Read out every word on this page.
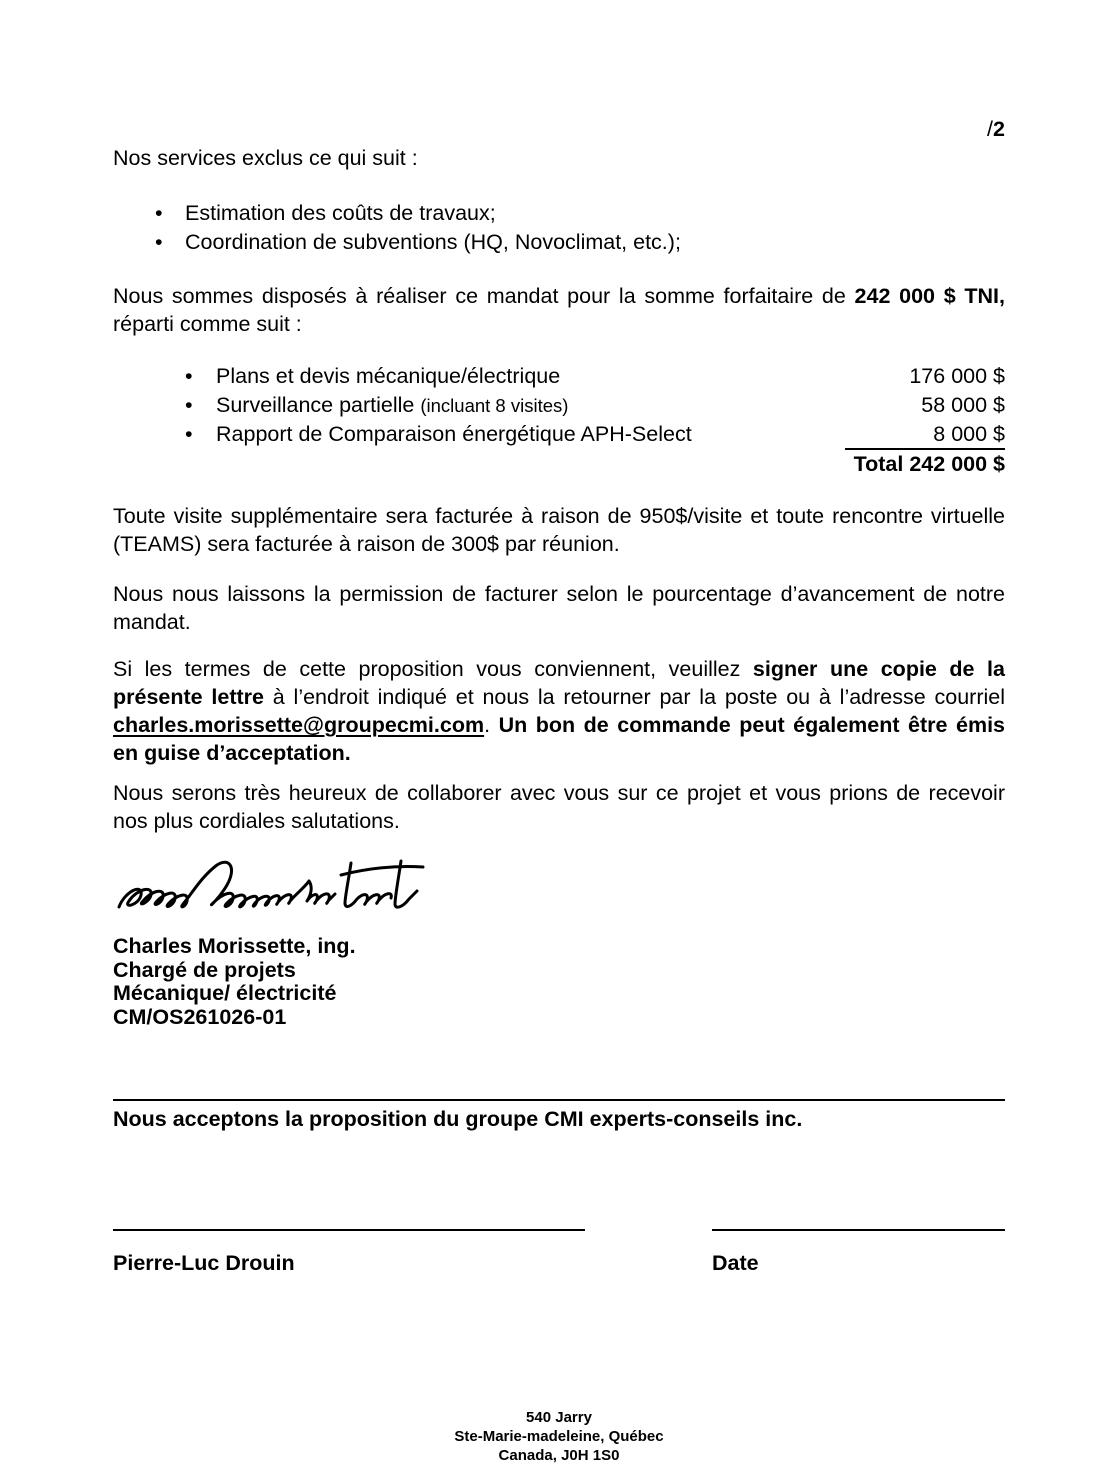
/2

Nos services exclus ce qui suit :

•	Estimation des coûts de travaux;
•	Coordination de subventions (HQ, Novoclimat, etc.);

Nous sommes disposés à réaliser ce mandat pour la somme forfaitaire de 242 000 $ TNI, réparti comme suit :

•	Plans et devis mécanique/électrique	176 000 $
•	Surveillance partielle (incluant 8 visites)	58 000 $
•	Rapport de Comparaison énergétique APH-Select	8 000 $
Total 242 000 $

Toute visite supplémentaire sera facturée à raison de 950$/visite et toute rencontre virtuelle (TEAMS) sera facturée à raison de 300$ par réunion.

Nous nous laissons la permission de facturer selon le pourcentage d’avancement de notre mandat.

Si les termes de cette proposition vous conviennent, veuillez signer une copie de la présente lettre à l’endroit indiqué et nous la retourner par la poste ou à l’adresse courriel charles.morissette@groupecmi.com. Un bon de commande peut également être émis en guise d’acceptation.

Nous serons très heureux de collaborer avec vous sur ce projet et vous prions de recevoir nos plus cordiales salutations.

Charles Morissette, ing.
Chargé de projets
Mécanique/ électricité
CM/OS261026-01

Nous acceptons la proposition du groupe CMI experts-conseils inc.

Pierre-Luc Drouin	Date
540 Jarry
Ste-Marie-madeleine, Québec
Canada, J0H 1S0
